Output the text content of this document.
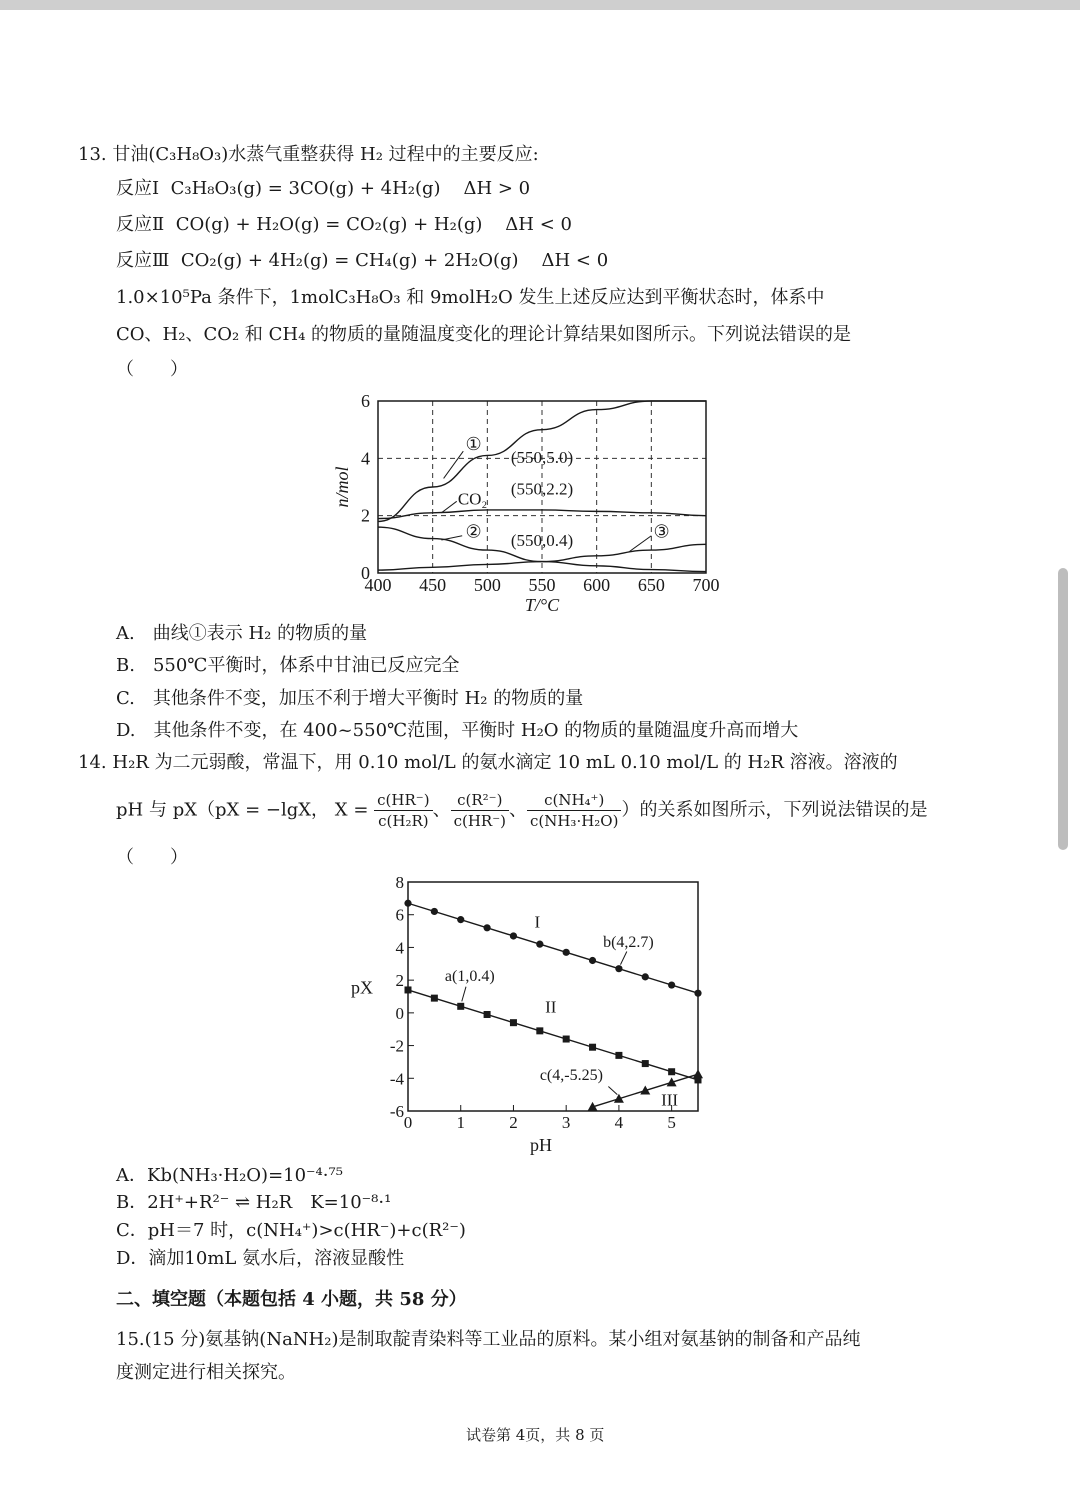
13. 甘油(C₃H₈O₃)水蒸气重整获得 H₂ 过程中的主要反应:
反应Ⅰ C₃H₈O₃(g) = 3CO(g) + 4H₂(g) ΔH > 0
反应Ⅱ CO(g) + H₂O(g) = CO₂(g) + H₂(g) ΔH < 0
反应Ⅲ CO₂(g) + 4H₂(g) = CH₄(g) + 2H₂O(g) ΔH < 0
1.0×10⁵Pa 条件下，1molC₃H₈O₃ 和 9molH₂O 发生上述反应达到平衡状态时，体系中
CO、H₂、CO₂ 和 CH₄ 的物质的量随温度变化的理论计算结果如图所示。下列说法错误的是
（　　）
400 450 500 550 600 650 700
0
2
4
6
T/°C
n/mol
①
CO₂
②	③
(550,5.0)
(550,2.2)
(550,0.4)
A.　曲线①表示 H₂ 的物质的量
B.　550℃平衡时，体系中甘油已反应完全
C.　其他条件不变，加压不利于增大平衡时 H₂ 的物质的量
D.　其他条件不变，在 400~550℃范围，平衡时 H₂O 的物质的量随温度升高而增大
14. H₂R 为二元弱酸，常温下，用 0.10 mol/L 的氨水滴定 10 mL 0.10 mol/L 的 H₂R 溶液。溶液的
pH 与 pX（pX = −lgX， $X = \frac{c(HR^-)}{\text{c(H₂R)}}$ 、 $\frac{\text{c(R²⁻)}}{c(HR^-)}$ 、 $\frac{\text{c(NH₄⁺)}}{\text{c(NH₃·H₂O)}}$ ）的关系如图所示，下列说法错误的是
（　　）
0	1	2	3	4	5
-6
-4
-2
0
2
4
6
8
pH
pX
I
II
III
a(1,0.4)
b(4,2.7)
c(4,-5.25)
A．Kb(NH₃·H₂O)=10⁻⁴·⁷⁵
B．2H⁺+R²⁻ ⇌ H₂R　K=10⁻⁸·¹
C．pH＝7 时，c(NH₄⁺)>c(HR⁻)+c(R²⁻)
D．滴加10mL 氨水后，溶液显酸性
二、填空题（本题包括 4 小题，共 58 分）
15.(15 分)氨基钠(NaNH₂)是制取靛青染料等工业品的原料。某小组对氨基钠的制备和产品纯
度测定进行相关探究。
试卷第 4页，共 8 页
